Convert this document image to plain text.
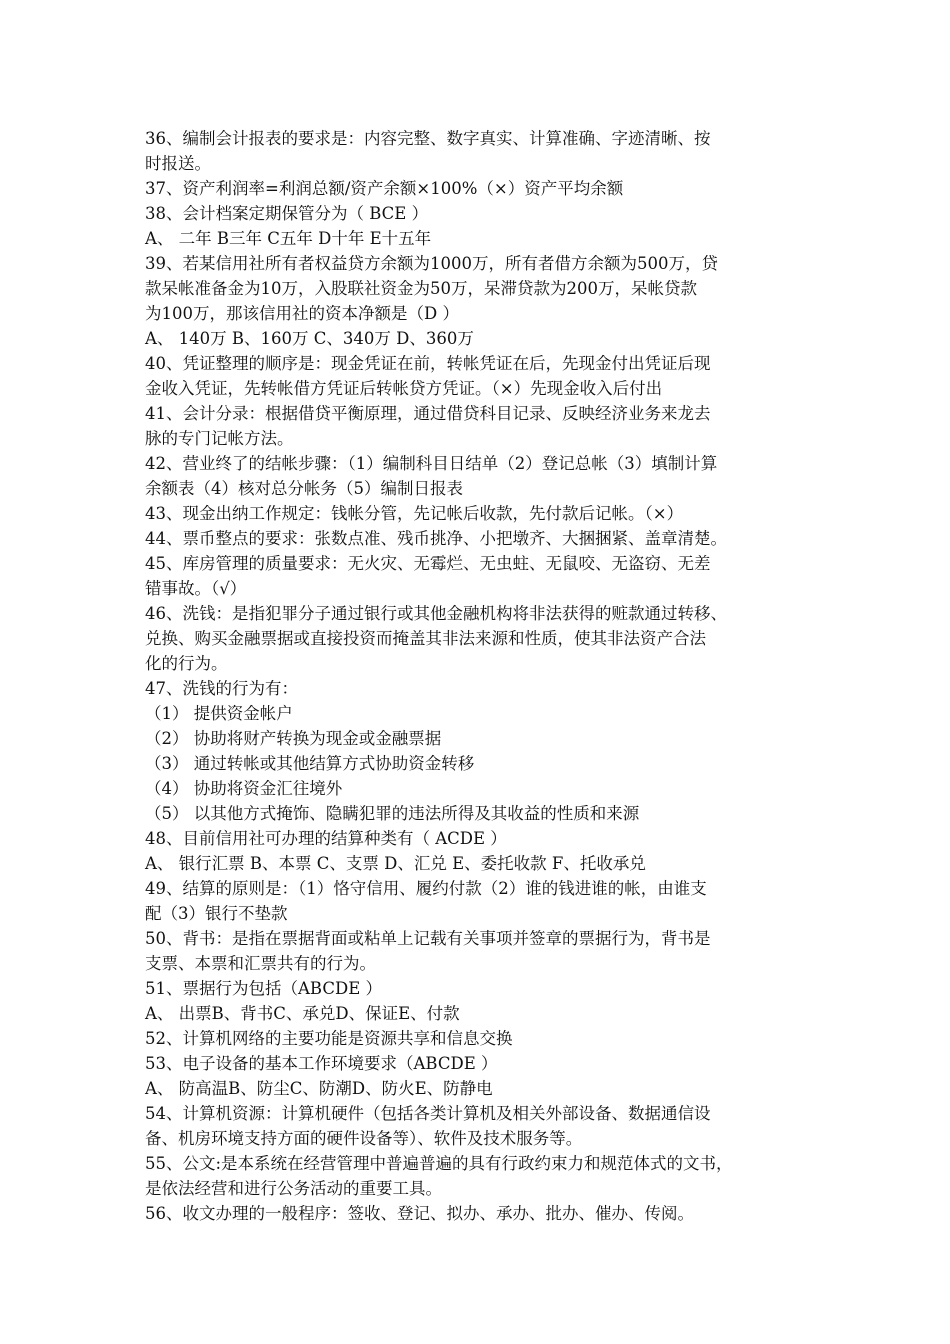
36、编制会计报表的要求是：内容完整、数字真实、计算准确、字迹清晰、按
时报送。
37、资产利润率=利润总额/资产余额×100%（×）资产平均余额
38、会计档案定期保管分为（ BCE ）
A、 二年 B三年 C五年 D十年 E十五年
39、若某信用社所有者权益贷方余额为1000万，所有者借方余额为500万，贷
款呆帐准备金为10万，入股联社资金为50万，呆滞贷款为200万，呆帐贷款
为100万，那该信用社的资本净额是（D ）
A、 140万 B、160万 C、340万 D、360万
40、凭证整理的顺序是：现金凭证在前，转帐凭证在后，先现金付出凭证后现
金收入凭证，先转帐借方凭证后转帐贷方凭证。（×）先现金收入后付出
41、会计分录：根据借贷平衡原理，通过借贷科目记录、反映经济业务来龙去
脉的专门记帐方法。
42、营业终了的结帐步骤：（1）编制科目日结单（2）登记总帐（3）填制计算
余额表（4）核对总分帐务（5）编制日报表
43、现金出纳工作规定：钱帐分管，先记帐后收款，先付款后记帐。（×）
44、票币整点的要求：张数点准、残币挑净、小把墩齐、大捆捆紧、盖章清楚。
45、库房管理的质量要求：无火灾、无霉烂、无虫蛀、无鼠咬、无盗窃、无差
错事故。（√）
46、洗钱：是指犯罪分子通过银行或其他金融机构将非法获得的赃款通过转移、
兑换、购买金融票据或直接投资而掩盖其非法来源和性质，使其非法资产合法
化的行为。
47、洗钱的行为有：
（1） 提供资金帐户
（2） 协助将财产转换为现金或金融票据
（3） 通过转帐或其他结算方式协助资金转移
（4） 协助将资金汇往境外
（5） 以其他方式掩饰、隐瞒犯罪的违法所得及其收益的性质和来源
48、目前信用社可办理的结算种类有（ ACDE ）
A、 银行汇票 B、本票 C、支票 D、汇兑 E、委托收款 F、托收承兑
49、结算的原则是：（1）恪守信用、履约付款（2）谁的钱进谁的帐，由谁支
配（3）银行不垫款
50、背书：是指在票据背面或粘单上记载有关事项并签章的票据行为，背书是
支票、本票和汇票共有的行为。
51、票据行为包括（ABCDE ）
A、 出票B、背书C、承兑D、保证E、付款
52、计算机网络的主要功能是资源共享和信息交换
53、电子设备的基本工作环境要求（ABCDE ）
A、 防高温B、防尘C、防潮D、防火E、防静电
54、计算机资源：计算机硬件（包括各类计算机及相关外部设备、数据通信设
备、机房环境支持方面的硬件设备等）、软件及技术服务等。
55、公文:是本系统在经营管理中普遍普遍的具有行政约束力和规范体式的文书，
是依法经营和进行公务活动的重要工具。
56、收文办理的一般程序：签收、登记、拟办、承办、批办、催办、传阅。
